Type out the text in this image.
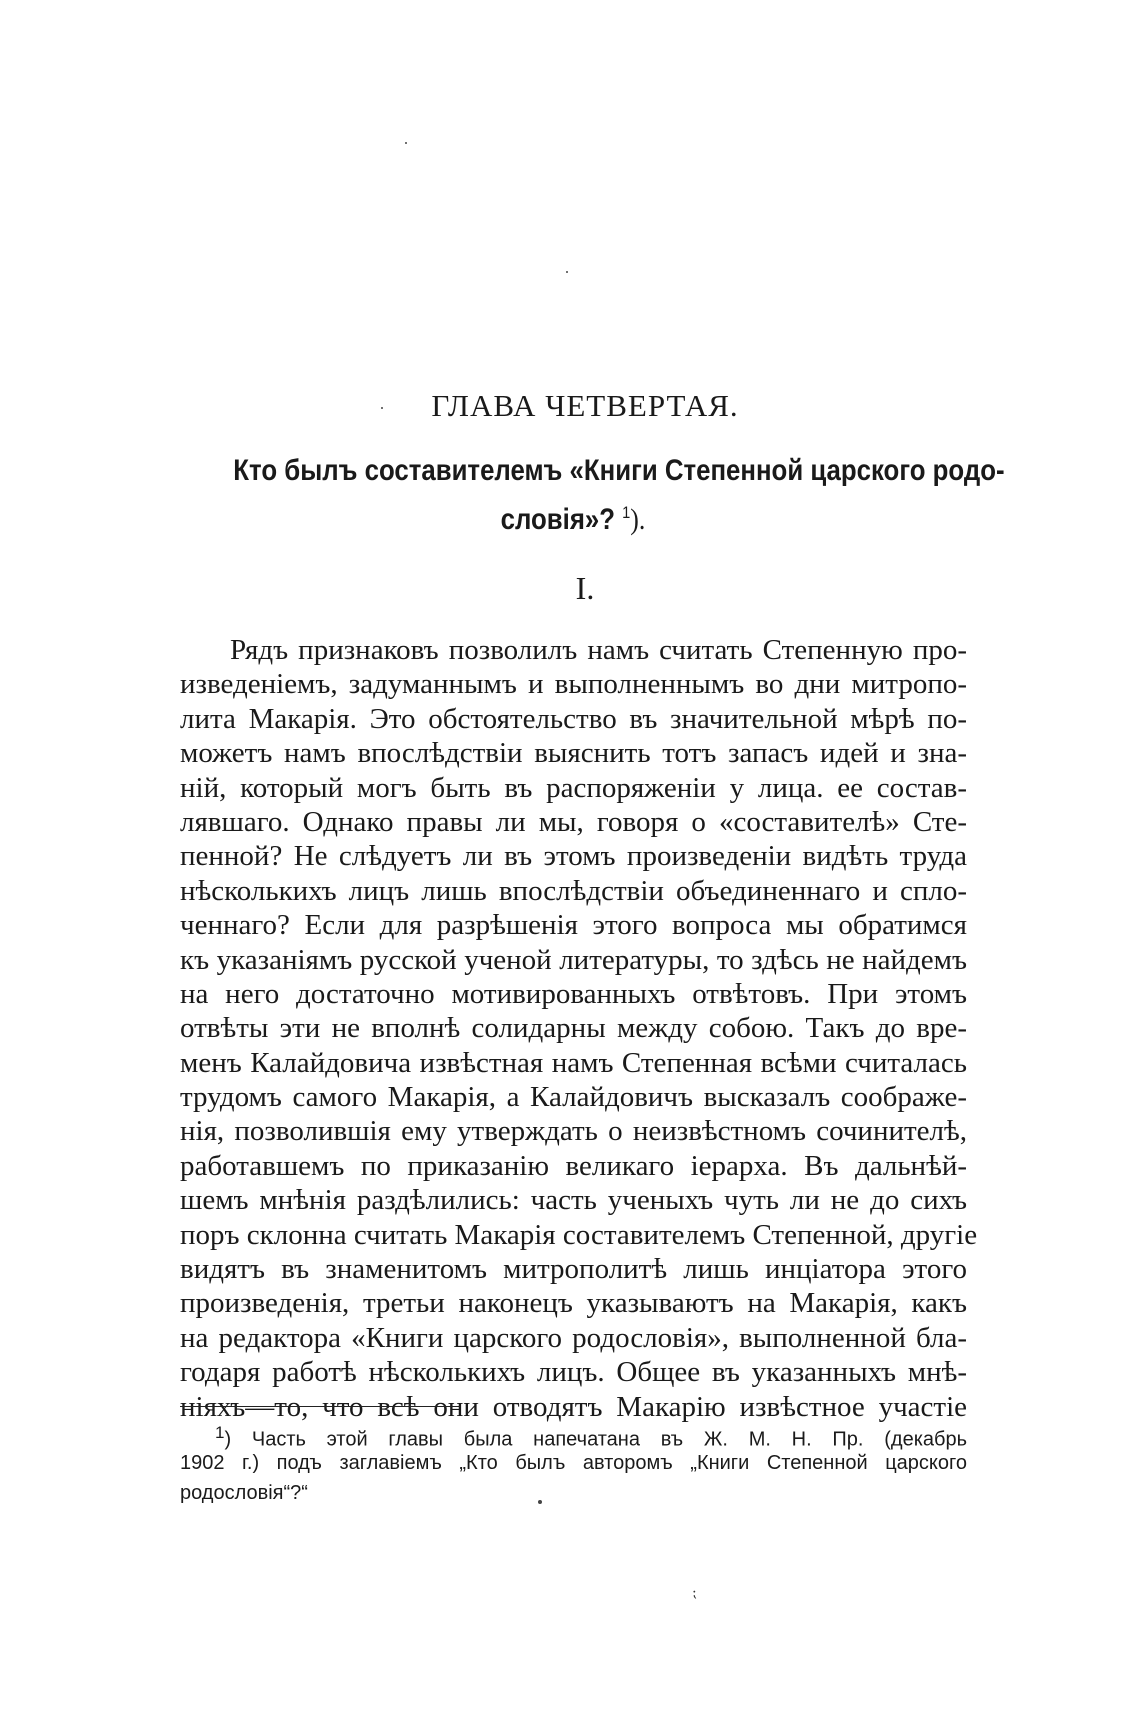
ГЛАВА ЧЕТВЕРТАЯ.
Кто былъ составителемъ «Книги Степенной царского родо-
словія»? $^1$).
I.
Рядъ признаковъ позволилъ намъ считать Степенную про-
изведеніемъ, задуманнымъ и выполненнымъ во дни митропо-
лита Макарія. Это обстоятельство въ значительной мѣрѣ по-
можетъ намъ впослѣдствіи выяснить тотъ запасъ идей и зна-
ній, который могъ быть въ распоряженіи у лица. ее состав-
лявшаго. Однако правы ли мы, говоря о «составителѣ» Сте-
пенной? Не слѣдуетъ ли въ этомъ произведеніи видѣть труда
нѣсколькихъ лицъ лишь впослѣдствіи объединеннаго и спло-
ченнаго? Если для разрѣшенія этого вопроса мы обратимся
къ указаніямъ русской ученой литературы, то здѣсь не найдемъ
на него достаточно мотивированныхъ отвѣтовъ. При этомъ
отвѣты эти не вполнѣ солидарны между собою. Такъ до вре-
менъ Калайдовича извѣстная намъ Степенная всѣми считалась
трудомъ самого Макарія, а Калайдовичъ высказалъ соображе-
нія, позволившія ему утверждать о неизвѣстномъ сочинителѣ,
работавшемъ по приказанію великаго іерарха. Въ дальнѣй-
шемъ мнѣнія раздѣлились: часть ученыхъ чуть ли не до сихъ
поръ склонна считать Макарія составителемъ Степенной, другіе
видятъ въ знаменитомъ митрополитѣ лишь инціатора этого
произведенія, третьи наконецъ указываютъ на Макарія, какъ
на редактора «Книги царского родословія», выполненной бла-
годаря работѣ нѣсколькихъ лицъ. Общее въ указанныхъ мнѣ-
ніяхъ—то, что всѣ они отводятъ Макарію извѣстное участіе
$^1$) Часть этой главы была напечатана въ Ж. М. Н. Пр. (декабрь
1902 г.) подъ заглавіемъ „Кто былъ авторомъ „Книги Степенной царского
родословія“?“
⁏
